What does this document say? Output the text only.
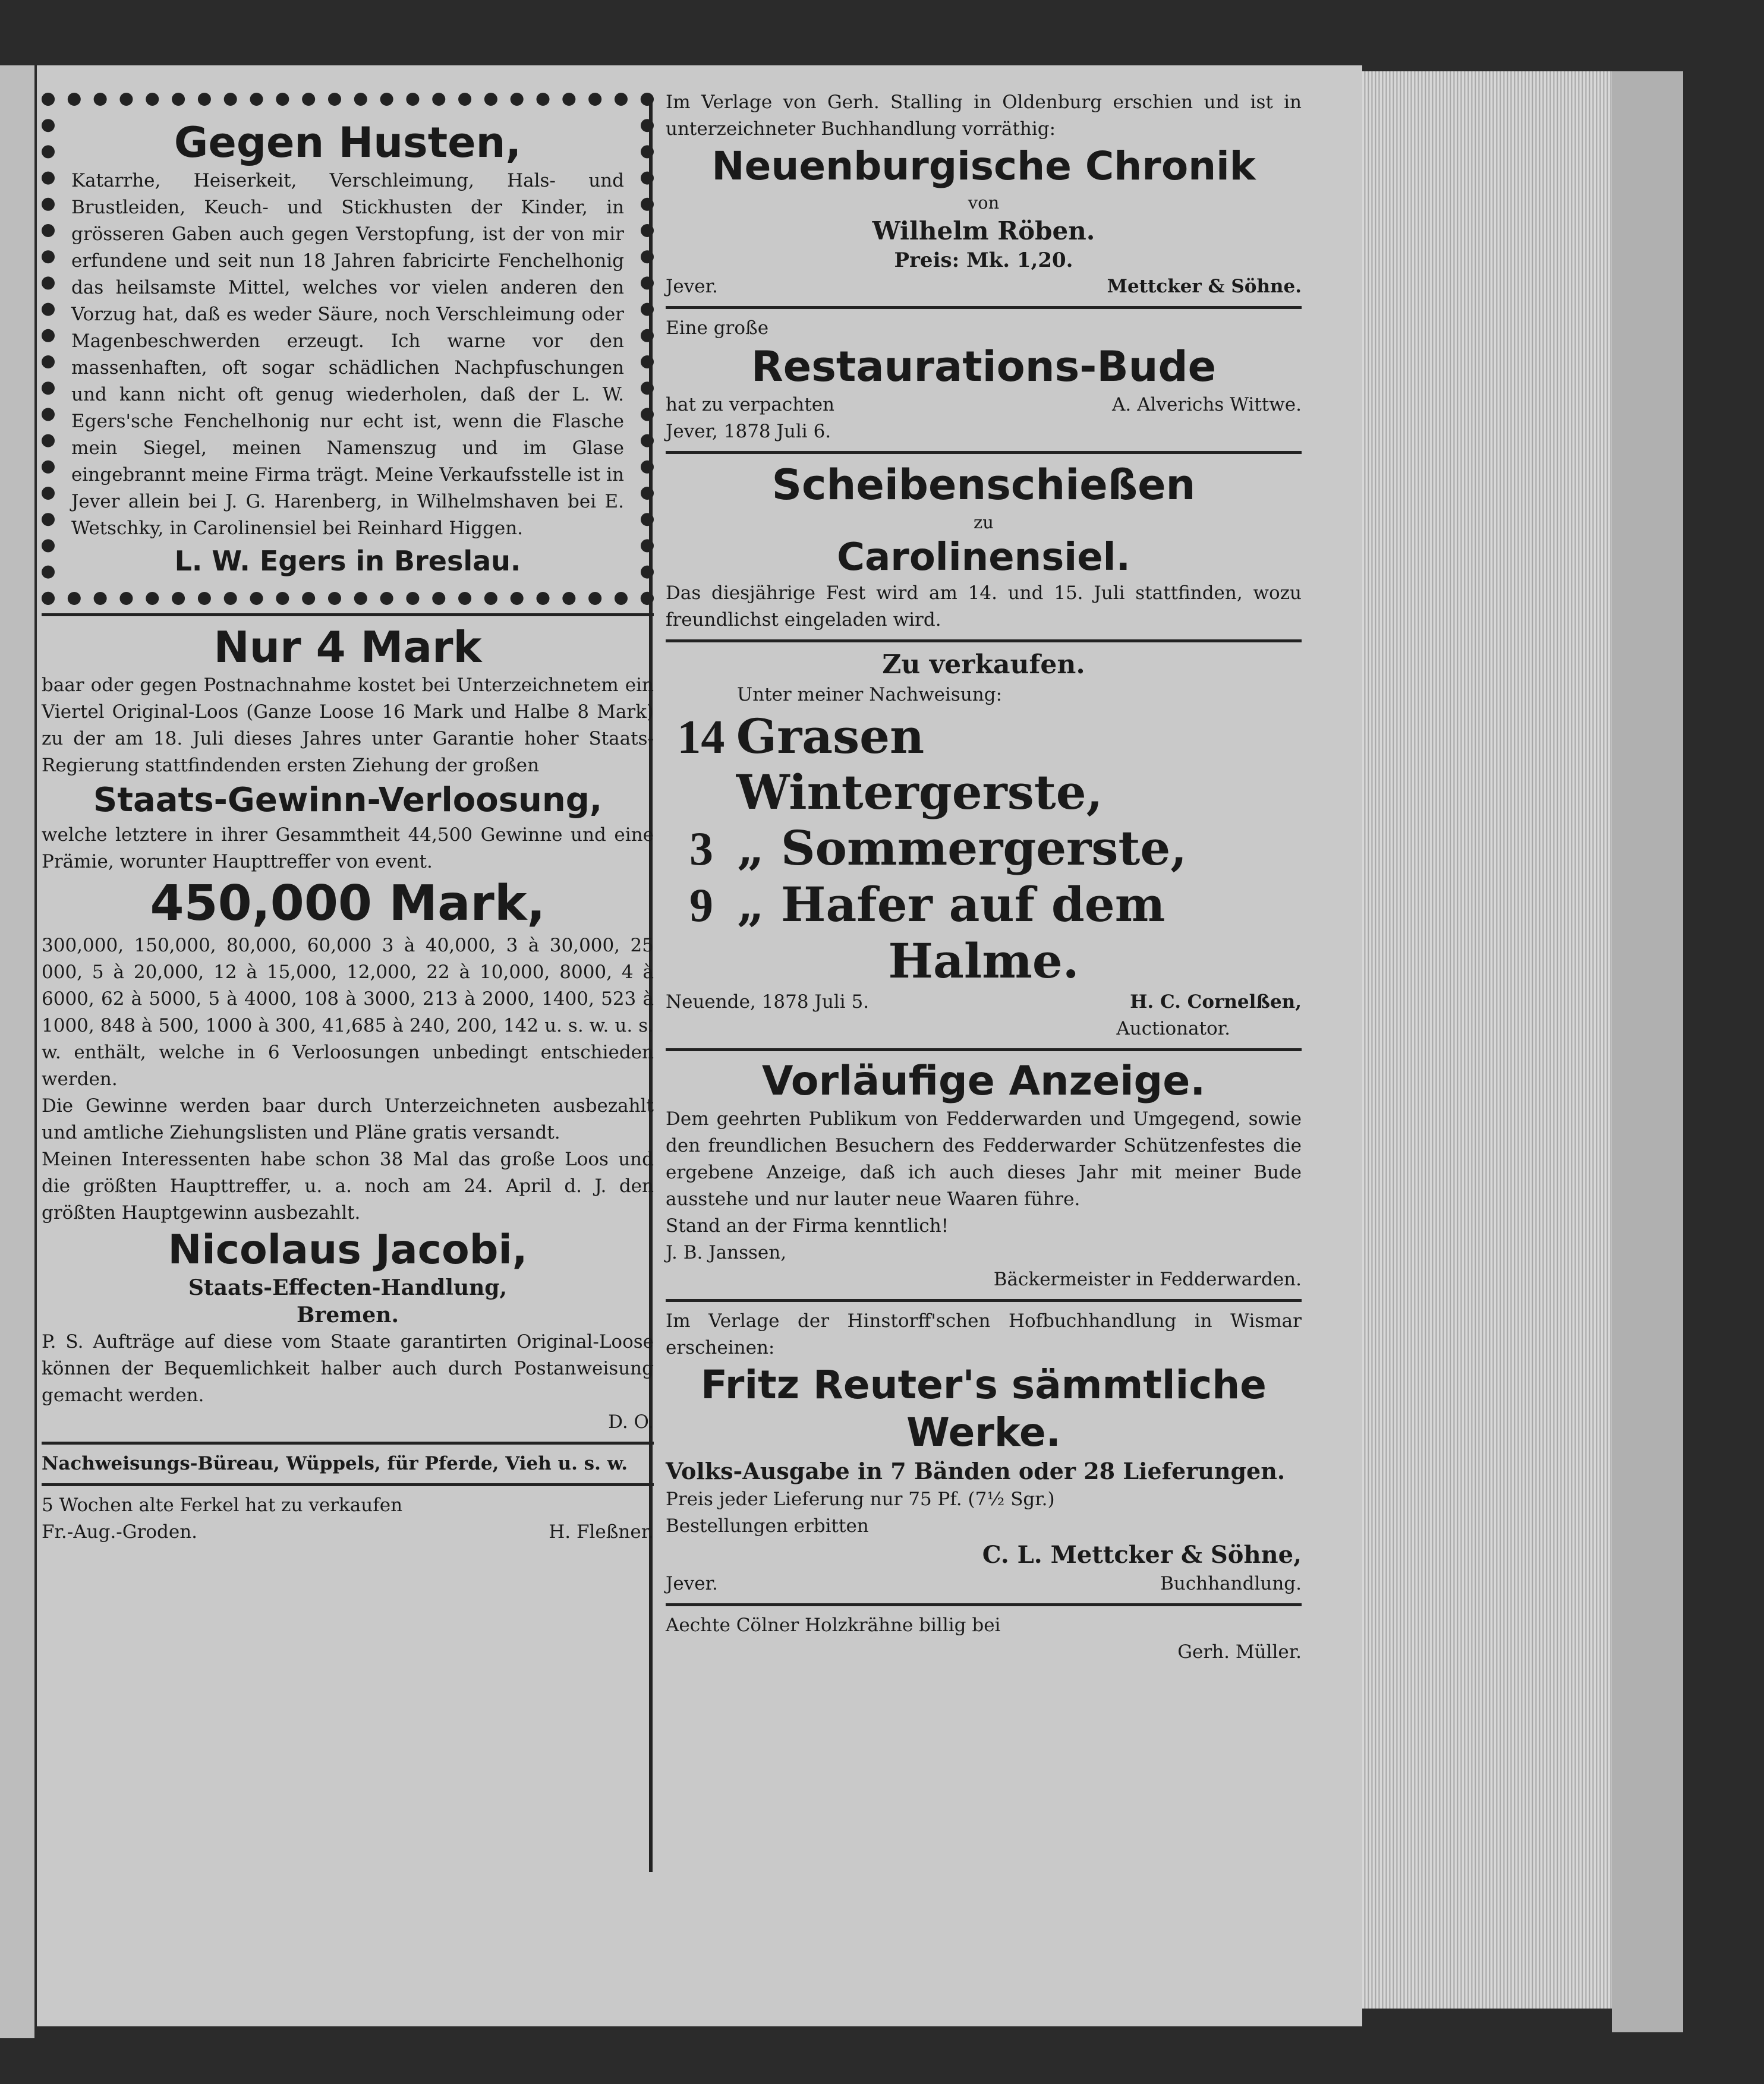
Gegen Husten,
Katarrhe, Heiserkeit, Verschleimung, Hals- und Brustleiden, Keuch- und Stickhusten der Kinder, in grösseren Gaben auch gegen Verstopfung, ist der von mir erfundene und seit nun 18 Jahren fabricirte Fenchelhonig das heilsamste Mittel, welches vor vielen anderen den Vorzug hat, daß es weder Säure, noch Verschleimung oder Magenbeschwerden erzeugt. Ich warne vor den massenhaften, oft sogar schädlichen Nachpfuschungen und kann nicht oft genug wiederholen, daß der L. W. Egers'sche Fenchelhonig nur echt ist, wenn die Flasche mein Siegel, meinen Namenszug und im Glase eingebrannt meine Firma trägt. Meine Verkaufsstelle ist in Jever allein bei J. G. Harenberg, in Wilhelmshaven bei E. Wetschky, in Carolinensiel bei Reinhard Higgen.
L. W. Egers in Breslau.
Nur 4 Mark
baar oder gegen Postnachnahme kostet bei Unterzeichnetem ein Viertel Original-Loos (Ganze Loose 16 Mark und Halbe 8 Mark) zu der am 18. Juli dieses Jahres unter Garantie hoher Staats-Regierung stattfindenden ersten Ziehung der großen
Staats-Gewinn-Verloosung,
welche letztere in ihrer Gesammtheit 44,500 Gewinne und eine Prämie, worunter Haupttreffer von event.
450,000 Mark,
300,000, 150,000, 80,000, 60,000 3 à 40,000, 3 à 30,000, 25 000, 5 à 20,000, 12 à 15,000, 12,000, 22 à 10,000, 8000, 4 à 6000, 62 à 5000, 5 à 4000, 108 à 3000, 213 à 2000, 1400, 523 à 1000, 848 à 500, 1000 à 300, 41,685 à 240, 200, 142 u. s. w. u. s. w. enthält, welche in 6 Verloosungen unbedingt entschieden werden.
Die Gewinne werden baar durch Unterzeichneten ausbezahlt und amtliche Ziehungslisten und Pläne gratis versandt.
Meinen Interessenten habe schon 38 Mal das große Loos und die größten Haupttreffer, u. a. noch am 24. April d. J. den größten Hauptgewinn ausbezahlt.
Nicolaus Jacobi,
Staats-Effecten-Handlung,
Bremen.
P. S. Aufträge auf diese vom Staate garantirten Original-Loose können der Bequemlichkeit halber auch durch Postanweisung gemacht werden.
D. O.
Nachweisungs-Büreau, Wüppels, für Pferde, Vieh u. s. w.
5 Wochen alte Ferkel hat zu verkaufen
Fr.-Aug.-Groden.	H. Fleßner.
Im Verlage von Gerh. Stalling in Oldenburg erschien und ist in unterzeichneter Buchhandlung vorräthig:
Neuenburgische Chronik
von
Wilhelm Röben.
Preis: Mk. 1,20.
Jever.	Mettcker & Söhne.
Eine große
Restaurations-Bude
hat zu verpachten	A. Alverichs Wittwe.
Jever, 1878 Juli 6.
Scheibenschießen
zu
Carolinensiel.
Das diesjährige Fest wird am 14. und 15. Juli stattfinden, wozu freundlichst eingeladen wird.
Zu verkaufen.
Unter meiner Nachweisung:
14 Grasen Wintergerste,
3 „ Sommergerste,
9 „ Hafer auf dem
Halme.
Neuende, 1878 Juli 5.	H. C. Cornelßen,
Auctionator.
Vorläufige Anzeige.
Dem geehrten Publikum von Fedderwarden und Umgegend, sowie den freundlichen Besuchern des Fedderwarder Schützenfestes die ergebene Anzeige, daß ich auch dieses Jahr mit meiner Bude ausstehe und nur lauter neue Waaren führe.
Stand an der Firma kenntlich!
J. B. Janssen,
Bäckermeister in Fedderwarden.
Im Verlage der Hinstorff'schen Hofbuchhandlung in Wismar erscheinen:
Fritz Reuter's sämmtliche
Werke.
Volks-Ausgabe in 7 Bänden oder 28 Lieferungen.
Preis jeder Lieferung nur 75 Pf. (7½ Sgr.)
Bestellungen erbitten
C. L. Mettcker & Söhne,
Jever.	Buchhandlung.
Aechte Cölner Holzkrähne billig bei
Gerh. Müller.
